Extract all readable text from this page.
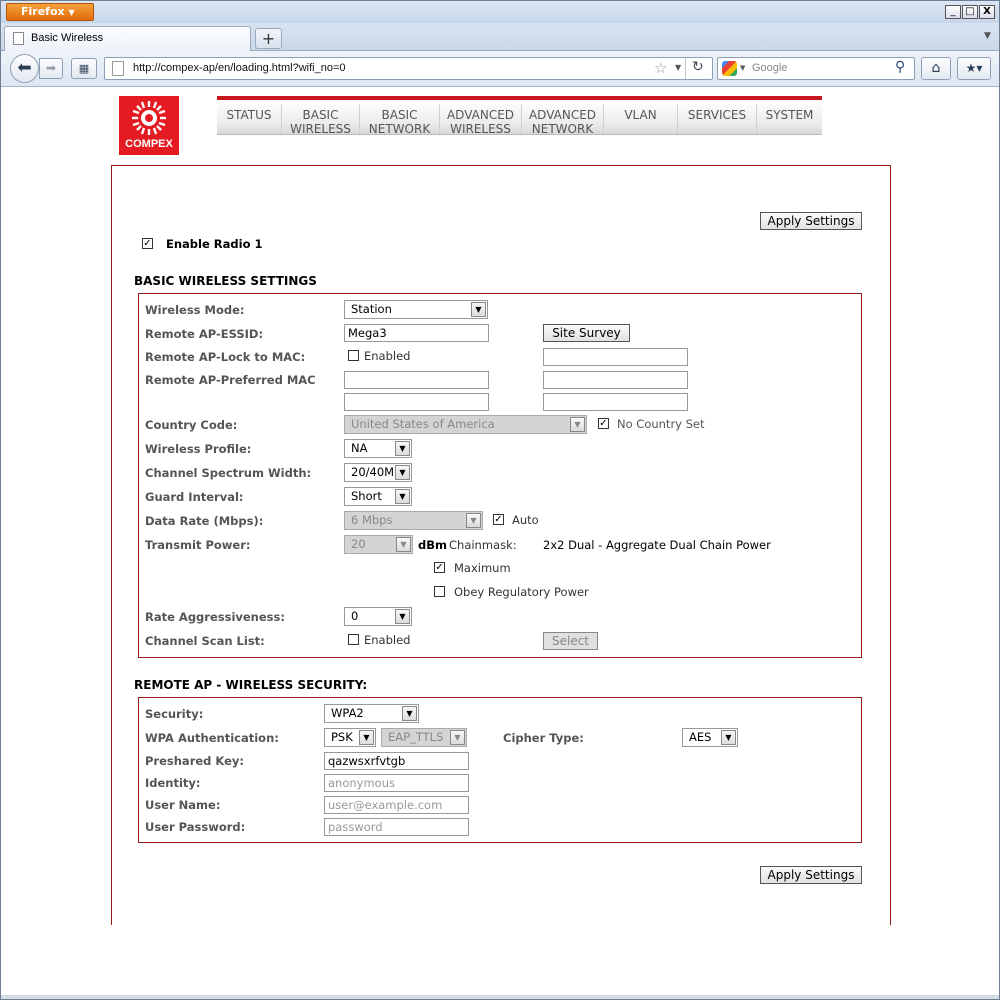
Firefox ▼	_ □ X
Basic Wireless	+	▼
⬅	➡	▦	http://compex-ap/en/loading.html?wifi_no=0	☆ ▼ ↻	▼ Google	⚲	⌂	★▾
COMPEX
STATUS	BASIC WIRELESS
BASIC NETWORK
ADVANCED WIRELESS
ADVANCED NETWORK
VLAN	SERVICES	SYSTEM
Apply Settings
✓ Enable Radio 1
BASIC WIRELESS SETTINGS
Wireless Mode:	Station	▼
Remote AP-ESSID:	Mega3	Site Survey
Remote AP-Lock to MAC:	Enabled
Remote AP-Preferred MAC
Country Code:	United States of America	▼	✓ No Country Set
Wireless Profile:	NA	▼
Channel Spectrum Width:	20/40M ▼
Guard Interval:	Short	▼
Data Rate (Mbps):	6 Mbps	▼	✓ Auto
Transmit Power:	20	▼ dBm Chainmask: 2x2 Dual - Aggregate Dual Chain Power
✓ Maximum
Obey Regulatory Power
Rate Aggressiveness:	0	▼
Channel Scan List:	Enabled	Select
REMOTE AP - WIRELESS SECURITY:
Security:	WPA2	▼
WPA Authentication:	PSK	▼	EAP_TTLS	▼	Cipher Type:	AES	▼
Preshared Key:	qazwsxrfvtgb
Identity:	anonymous
User Name:	user@example.com
User Password:	password
Apply Settings
